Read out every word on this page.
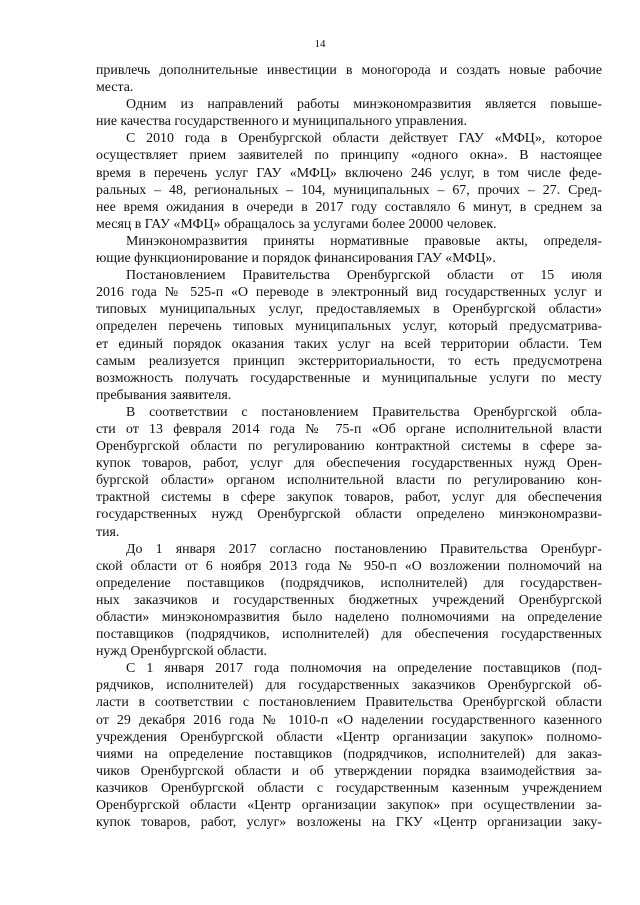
14
привлечь дополнительные инвестиции в моногорода и создать новые рабочие
места.
Одним из направлений работы минэкономразвития является повыше-
ние качества государственного и муниципального управления.
С 2010 года в Оренбургской области действует ГАУ «МФЦ», которое
осуществляет прием заявителей по принципу «одного окна». В настоящее
время в перечень услуг ГАУ «МФЦ» включено 246 услуг, в том числе феде-
ральных – 48, региональных – 104, муниципальных – 67, прочих – 27. Сред-
нее время ожидания в очереди в 2017 году составляло 6 минут, в среднем за
месяц в ГАУ «МФЦ» обращалось за услугами более 20000 человек.
Минэкономразвития приняты нормативные правовые акты, определя-
ющие функционирование и порядок финансирования ГАУ «МФЦ».
Постановлением Правительства Оренбургской области от 15 июля
2016 года № 525-п «О переводе в электронный вид государственных услуг и
типовых муниципальных услуг, предоставляемых в Оренбургской области»
определен перечень типовых муниципальных услуг, который предусматрива-
ет единый порядок оказания таких услуг на всей территории области. Тем
самым реализуется принцип экстерриториальности, то есть предусмотрена
возможность получать государственные и муниципальные услуги по месту
пребывания заявителя.
В соответствии с постановлением Правительства Оренбургской обла-
сти от 13 февраля 2014 года № 75-п «Об органе исполнительной власти
Оренбургской области по регулированию контрактной системы в сфере за-
купок товаров, работ, услуг для обеспечения государственных нужд Орен-
бургской области» органом исполнительной власти по регулированию кон-
трактной системы в сфере закупок товаров, работ, услуг для обеспечения
государственных нужд Оренбургской области определено минэкономразви-
тия.
До 1 января 2017 согласно постановлению Правительства Оренбург-
ской области от 6 ноября 2013 года № 950-п «О возложении полномочий на
определение поставщиков (подрядчиков, исполнителей) для государствен-
ных заказчиков и государственных бюджетных учреждений Оренбургской
области» минэкономразвития было наделено полномочиями на определение
поставщиков (подрядчиков, исполнителей) для обеспечения государственных
нужд Оренбургской области.
С 1 января 2017 года полномочия на определение поставщиков (под-
рядчиков, исполнителей) для государственных заказчиков Оренбургской об-
ласти в соответствии с постановлением Правительства Оренбургской области
от 29 декабря 2016 года № 1010-п «О наделении государственного казенного
учреждения Оренбургской области «Центр организации закупок» полномо-
чиями на определение поставщиков (подрядчиков, исполнителей) для заказ-
чиков Оренбургской области и об утверждении порядка взаимодействия за-
казчиков Оренбургской области с государственным казенным учреждением
Оренбургской области «Центр организации закупок» при осуществлении за-
купок товаров, работ, услуг» возложены на ГКУ «Центр организации заку-
